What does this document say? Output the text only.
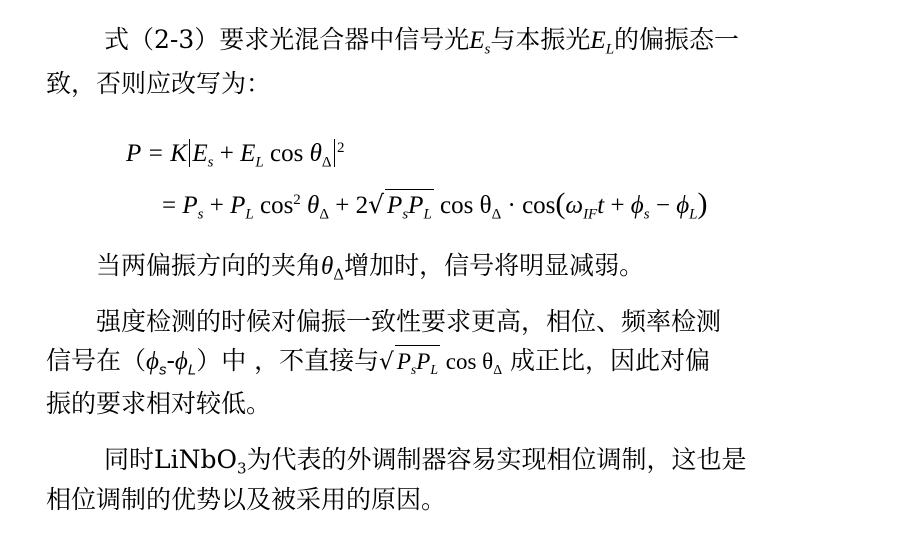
式（2-3）要求光混合器中信号光$E_s$与本振光$E_L$的偏振态一
致，否则应改写为：
P = K $E_s + E_L$ $\cos \theta_\Delta^2$
= $P_s + P_L$ $\cos^2 \theta_\Delta + 2√$ $P_sP_L$ $\cos \theta_\Delta \cdot \cos(\omega_{IF}t + \phi_s - \phi_L)$
当两偏振方向的夹角$\theta_\Delta$增加时，信号将明显减弱。
强度检测的时候对偏振一致性要求更高，相位、频率检测
信号在$(\phi_s-\phi_L)$中 ，不直接与√ $P_sP_L$ $\cos \theta_\Delta$ 成正比，因此对偏
振的要求相对较低。
同时LiNbO$_3$为代表的外调制器容易实现相位调制，这也是
相位调制的优势以及被采用的原因。
